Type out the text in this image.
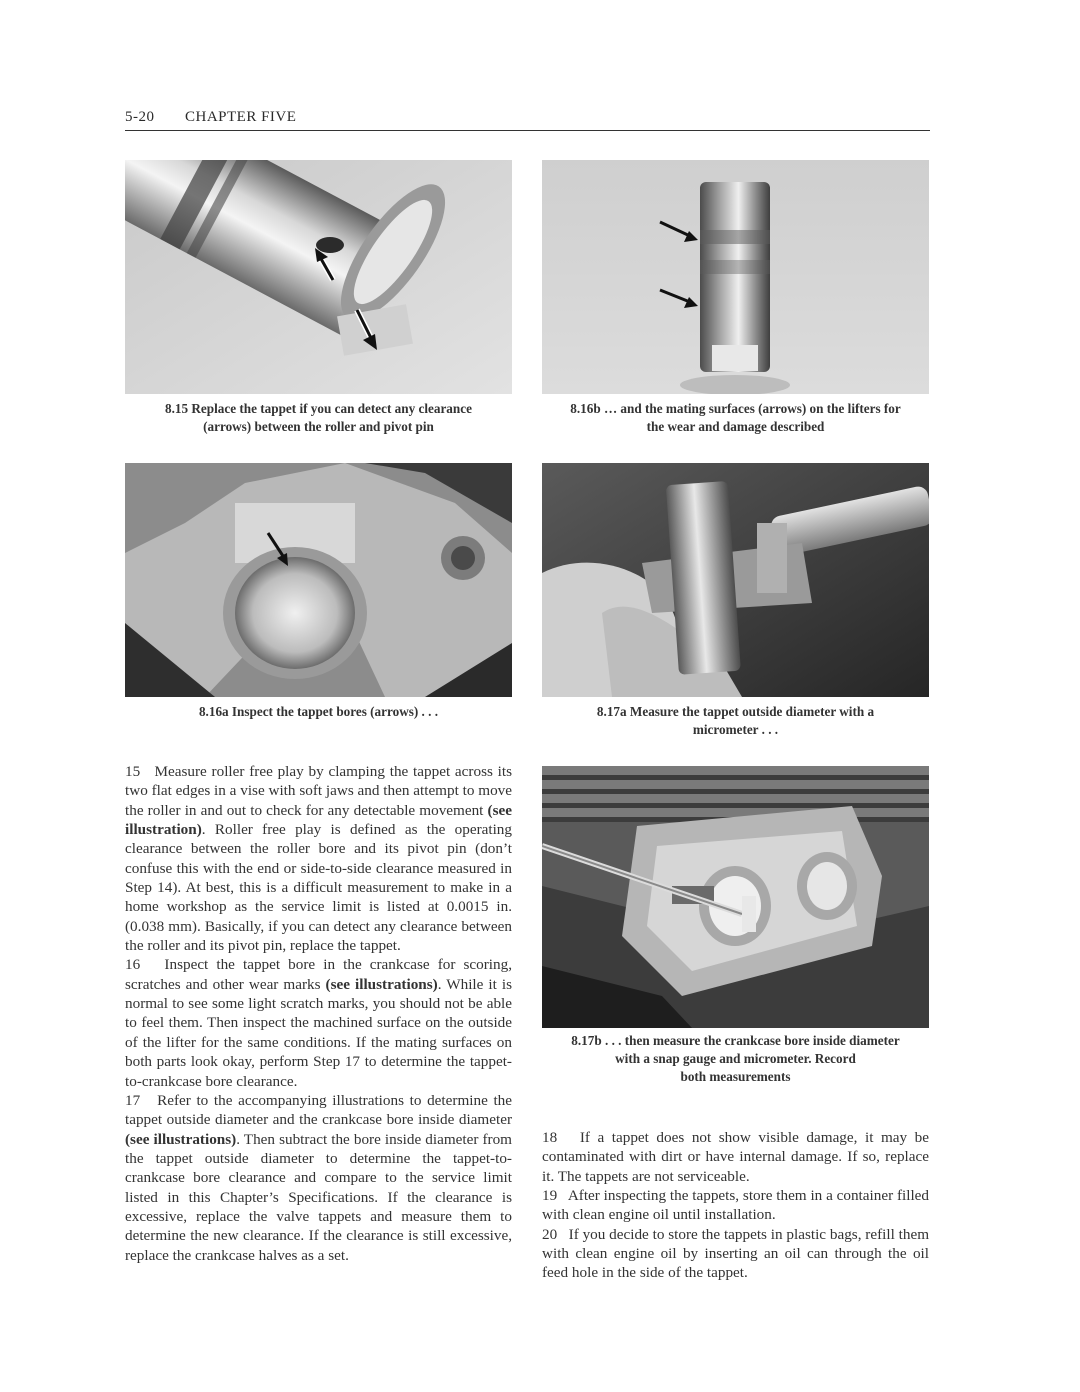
5-20 CHAPTER FIVE
8.15 Replace the tappet if you can detect any clearance
(arrows) between the roller and pivot pin
8.16b … and the mating surfaces (arrows) on the lifters for
the wear and damage described
8.16a Inspect the tappet bores (arrows) . . .	8.17a Measure the tappet outside diameter with a
micrometer . . .
8.17b . . . then measure the crankcase bore inside diameter
with a snap gauge and micrometer. Record
both measurements

15 Measure roller free play by clamping the tappet across its two flat edges in a vise with soft jaws and then attempt to move the roller in and out to check for any detectable movement (see illustration). Roller free play is defined as the operating clearance between the roller bore and its pivot pin (don’t confuse this with the end or side-to-side clearance measured in Step 14). At best, this is a difficult measurement to make in a home workshop as the service limit is listed at 0.0015 in. (0.038 mm). Basically, if you can detect any clearance between the roller and its pivot pin, replace the tappet.

16 Inspect the tappet bore in the crankcase for scoring, scratches and other wear marks (see illustrations). While it is normal to see some light scratch marks, you should not be able to feel them. Then inspect the machined surface on the outside of the lifter for the same conditions. If the mating surfaces on both parts look okay, perform Step 17 to determine the tappet-to-crankcase bore clearance.

17 Refer to the accompanying illustrations to determine the tappet outside diameter and the crankcase bore inside diameter (see illustrations). Then subtract the bore inside diameter from the tappet outside diameter to determine the tappet-to-crankcase bore clearance and compare to the service limit listed in this Chapter’s Specifications. If the clearance is excessive, replace the valve tappets and measure them to determine the new clearance. If the clearance is still excessive, replace the crankcase halves as a set.

18 If a tappet does not show visible damage, it may be contaminated with dirt or have internal damage. If so, replace it. The tappets are not serviceable.

19 After inspecting the tappets, store them in a container filled with clean engine oil until installation.

20 If you decide to store the tappets in plastic bags, refill them with clean engine oil by inserting an oil can through the oil feed hole in the side of the tappet.
